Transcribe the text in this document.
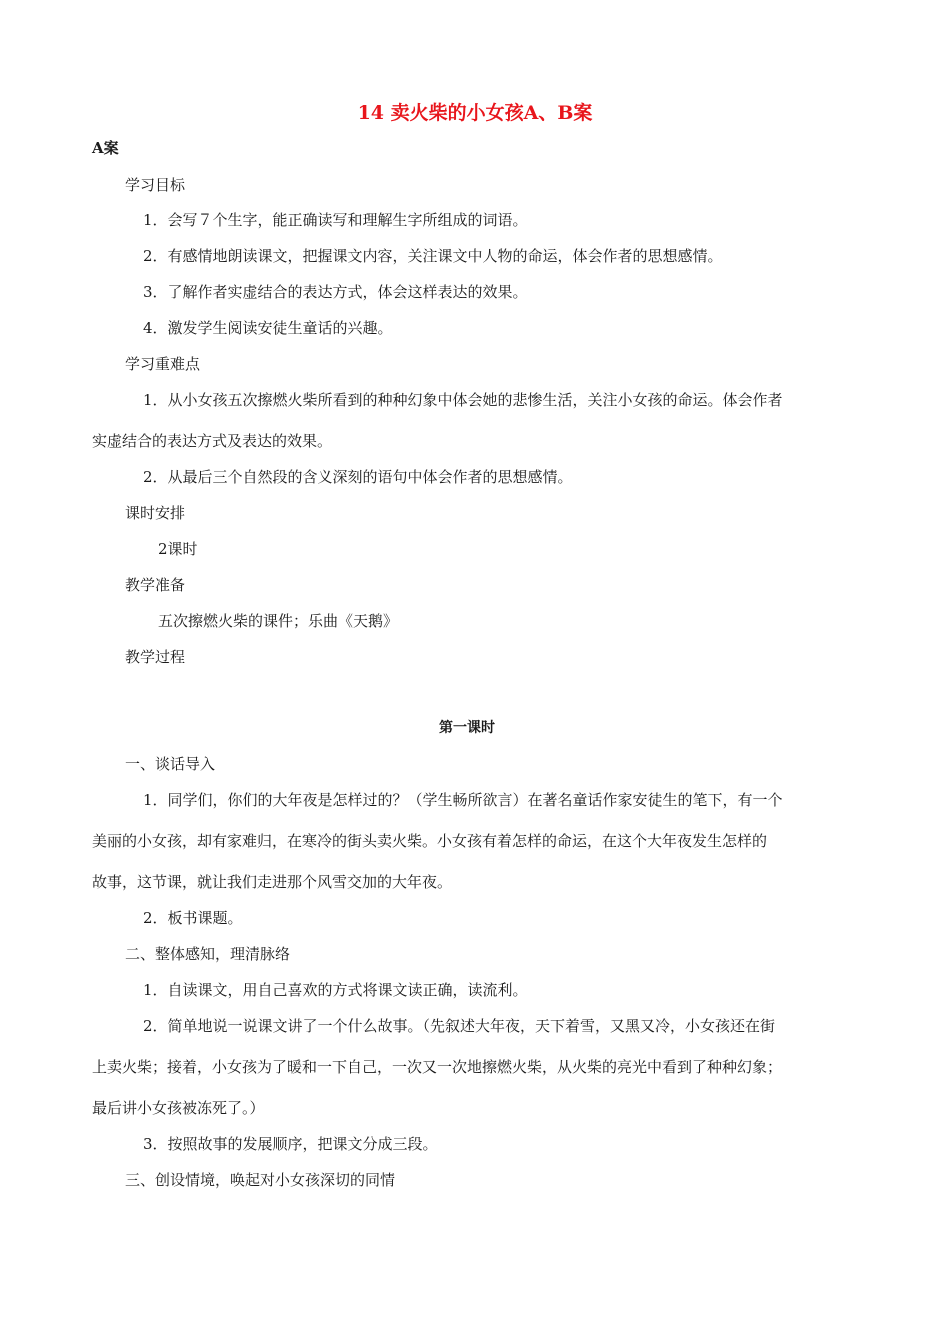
14 卖火柴的小女孩A、B案
A案
学习目标
1．会写７个生字，能正确读写和理解生字所组成的词语。
2．有感情地朗读课文，把握课文内容，关注课文中人物的命运，体会作者的思想感情。
3．了解作者实虚结合的表达方式，体会这样表达的效果。
4．激发学生阅读安徒生童话的兴趣。
学习重难点
1．从小女孩五次擦燃火柴所看到的种种幻象中体会她的悲惨生活，关注小女孩的命运。体会作者
实虚结合的表达方式及表达的效果。
2．从最后三个自然段的含义深刻的语句中体会作者的思想感情。
课时安排
2课时
教学准备
五次擦燃火柴的课件；乐曲《天鹅》
教学过程
第一课时
一、谈话导入
1．同学们，你们的大年夜是怎样过的？（学生畅所欲言）在著名童话作家安徒生的笔下，有一个
美丽的小女孩，却有家难归，在寒冷的街头卖火柴。小女孩有着怎样的命运，在这个大年夜发生怎样的
故事，这节课，就让我们走进那个风雪交加的大年夜。
2．板书课题。
二、整体感知，理清脉络
1．自读课文，用自己喜欢的方式将课文读正确，读流利。
2．简单地说一说课文讲了一个什么故事。（先叙述大年夜，天下着雪，又黑又冷，小女孩还在街
上卖火柴；接着，小女孩为了暖和一下自己，一次又一次地擦燃火柴，从火柴的亮光中看到了种种幻象；
最后讲小女孩被冻死了。）
3．按照故事的发展顺序，把课文分成三段。
三、创设情境，唤起对小女孩深切的同情
